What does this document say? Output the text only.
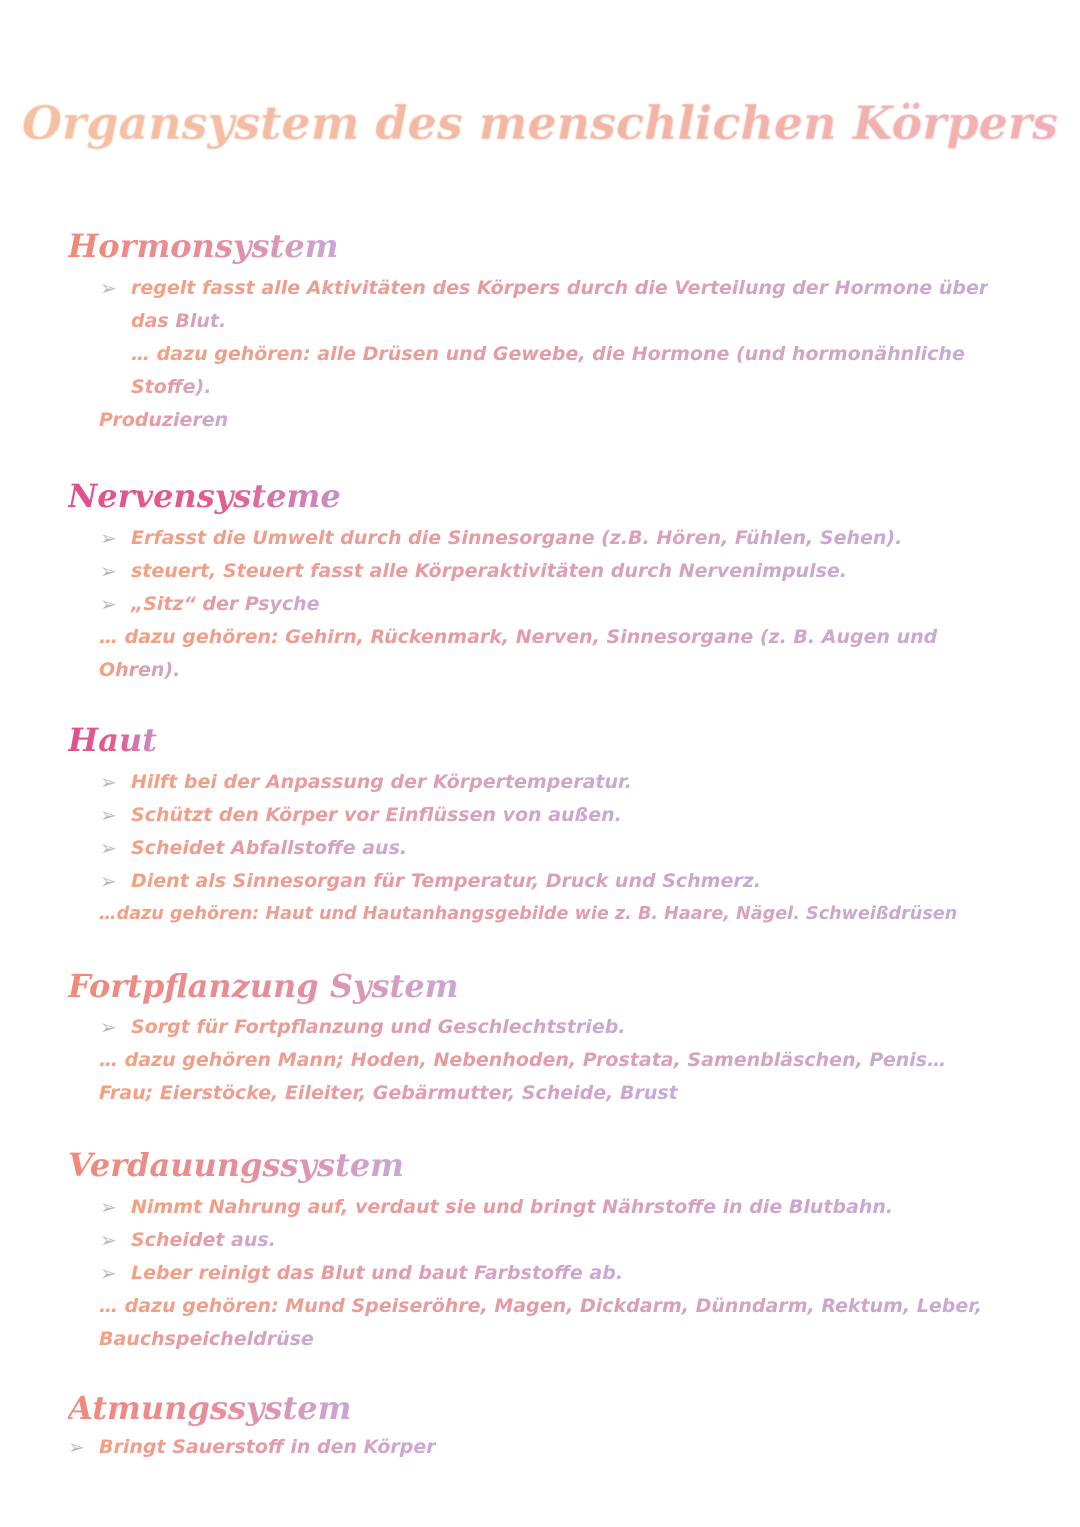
Organsystem des menschlichen Körpers
Hormonsystem
➢ regelt fasst alle Aktivitäten des Körpers durch die Verteilung der Hormone über
das Blut.
… dazu gehören: alle Drüsen und Gewebe, die Hormone (und hormonähnliche
Stoffe).
Produzieren
Nervensysteme
➢ Erfasst die Umwelt durch die Sinnesorgane (z.B. Hören, Fühlen, Sehen).
➢ steuert, Steuert fasst alle Körperaktivitäten durch Nervenimpulse.
➢ „Sitz“ der Psyche
… dazu gehören: Gehirn, Rückenmark, Nerven, Sinnesorgane (z. B. Augen und
Ohren).
Haut
➢ Hilft bei der Anpassung der Körpertemperatur.
➢ Schützt den Körper vor Einflüssen von außen.
➢ Scheidet Abfallstoffe aus.
➢ Dient als Sinnesorgan für Temperatur, Druck und Schmerz.
…dazu gehören: Haut und Hautanhangsgebilde wie z. B. Haare, Nägel. Schweißdrüsen
Fortpflanzung System
➢ Sorgt für Fortpflanzung und Geschlechtstrieb.
… dazu gehören Mann; Hoden, Nebenhoden, Prostata, Samenbläschen, Penis…
Frau; Eierstöcke, Eileiter, Gebärmutter, Scheide, Brust
Verdauungssystem
➢ Nimmt Nahrung auf, verdaut sie und bringt Nährstoffe in die Blutbahn.
➢ Scheidet aus.
➢ Leber reinigt das Blut und baut Farbstoffe ab.
… dazu gehören: Mund Speiseröhre, Magen, Dickdarm, Dünndarm, Rektum, Leber,
Bauchspeicheldrüse
Atmungssystem
➢ Bringt Sauerstoff in den Körper
